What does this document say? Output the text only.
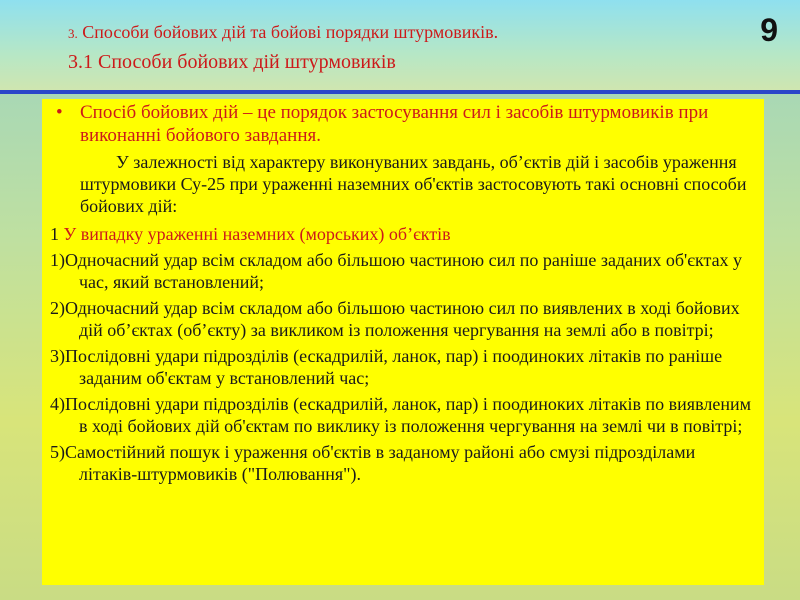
3. Способи бойових дій та бойові порядки штурмовиків.
3.1 Способи бойових дій штурмовиків
9
• Спосіб бойових дій – це порядок застосування сил і засобів штурмовиків при виконанні бойового завдання.
У залежності від характеру виконуваних завдань, об’єктів дій і засобів ураження штурмовики Су-25 при ураженні наземних об'єктів застосовують такі основні способи бойових дій:
1 У випадку ураженні наземних (морських) об’єктів
1)Одночасний удар всім складом або більшою частиною сил по раніше заданих об'єктах у час, який встановлений;
2)Одночасний удар всім складом або більшою частиною сил по виявлених в ході бойових дій об’єктах (об’єкту) за викликом із положення чергування на землі або в повітрі;
3)Послідовні удари підрозділів (ескадрилій, ланок, пар) і поодиноких літаків по раніше заданим об'єктам у встановлений час;
4)Послідовні удари підрозділів (ескадрилій, ланок, пар) і поодиноких літаків по виявленим в ході бойових дій об'єктам по виклику із положення чергування на землі чи в повітрі;
5)Самостійний пошук і ураження об'єктів в заданому районі або смузі підрозділами літаків-штурмовиків ("Полювання").
